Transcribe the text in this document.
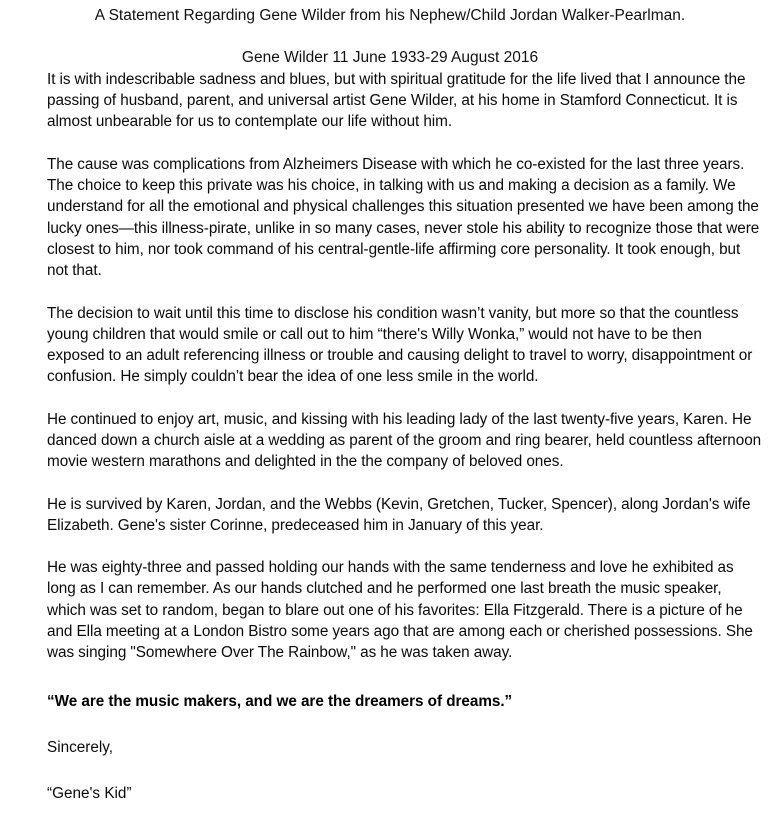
A Statement Regarding Gene Wilder from his Nephew/Child Jordan Walker-Pearlman.
Gene Wilder 11 June 1933-29 August 2016

It is with indescribable sadness and blues, but with spiritual gratitude for the life lived that I announce the passing of husband, parent, and universal artist Gene Wilder, at his home in Stamford Connecticut. It is almost unbearable for us to contemplate our life without him.

The cause was complications from Alzheimers Disease with which he co-existed for the last three years. The choice to keep this private was his choice, in talking with us and making a decision as a family. We understand for all the emotional and physical challenges this situation presented we have been among the lucky ones—this illness-pirate, unlike in so many cases, never stole his ability to recognize those that were closest to him, nor took command of his central-gentle-life affirming core personality. It took enough, but not that.

The decision to wait until this time to disclose his condition wasn’t vanity, but more so that the countless young children that would smile or call out to him “there's Willy Wonka,” would not have to be then exposed to an adult referencing illness or trouble and causing delight to travel to worry, disappointment or confusion. He simply couldn’t bear the idea of one less smile in the world.

He continued to enjoy art, music, and kissing with his leading lady of the last twenty-five years, Karen. He danced down a church aisle at a wedding as parent of the groom and ring bearer, held countless afternoon movie western marathons and delighted in the the company of beloved ones.

He is survived by Karen, Jordan, and the Webbs (Kevin, Gretchen, Tucker, Spencer), along Jordan's wife Elizabeth. Gene's sister Corinne, predeceased him in January of this year.

He was eighty-three and passed holding our hands with the same tenderness and love he exhibited as long as I can remember. As our hands clutched and he performed one last breath the music speaker, which was set to random, began to blare out one of his favorites: Ella Fitzgerald. There is a picture of he and Ella meeting at a London Bistro some years ago that are among each or cherished possessions. She was singing "Somewhere Over The Rainbow," as he was taken away.

“We are the music makers, and we are the dreamers of dreams.”

Sincerely,

“Gene's Kid”
